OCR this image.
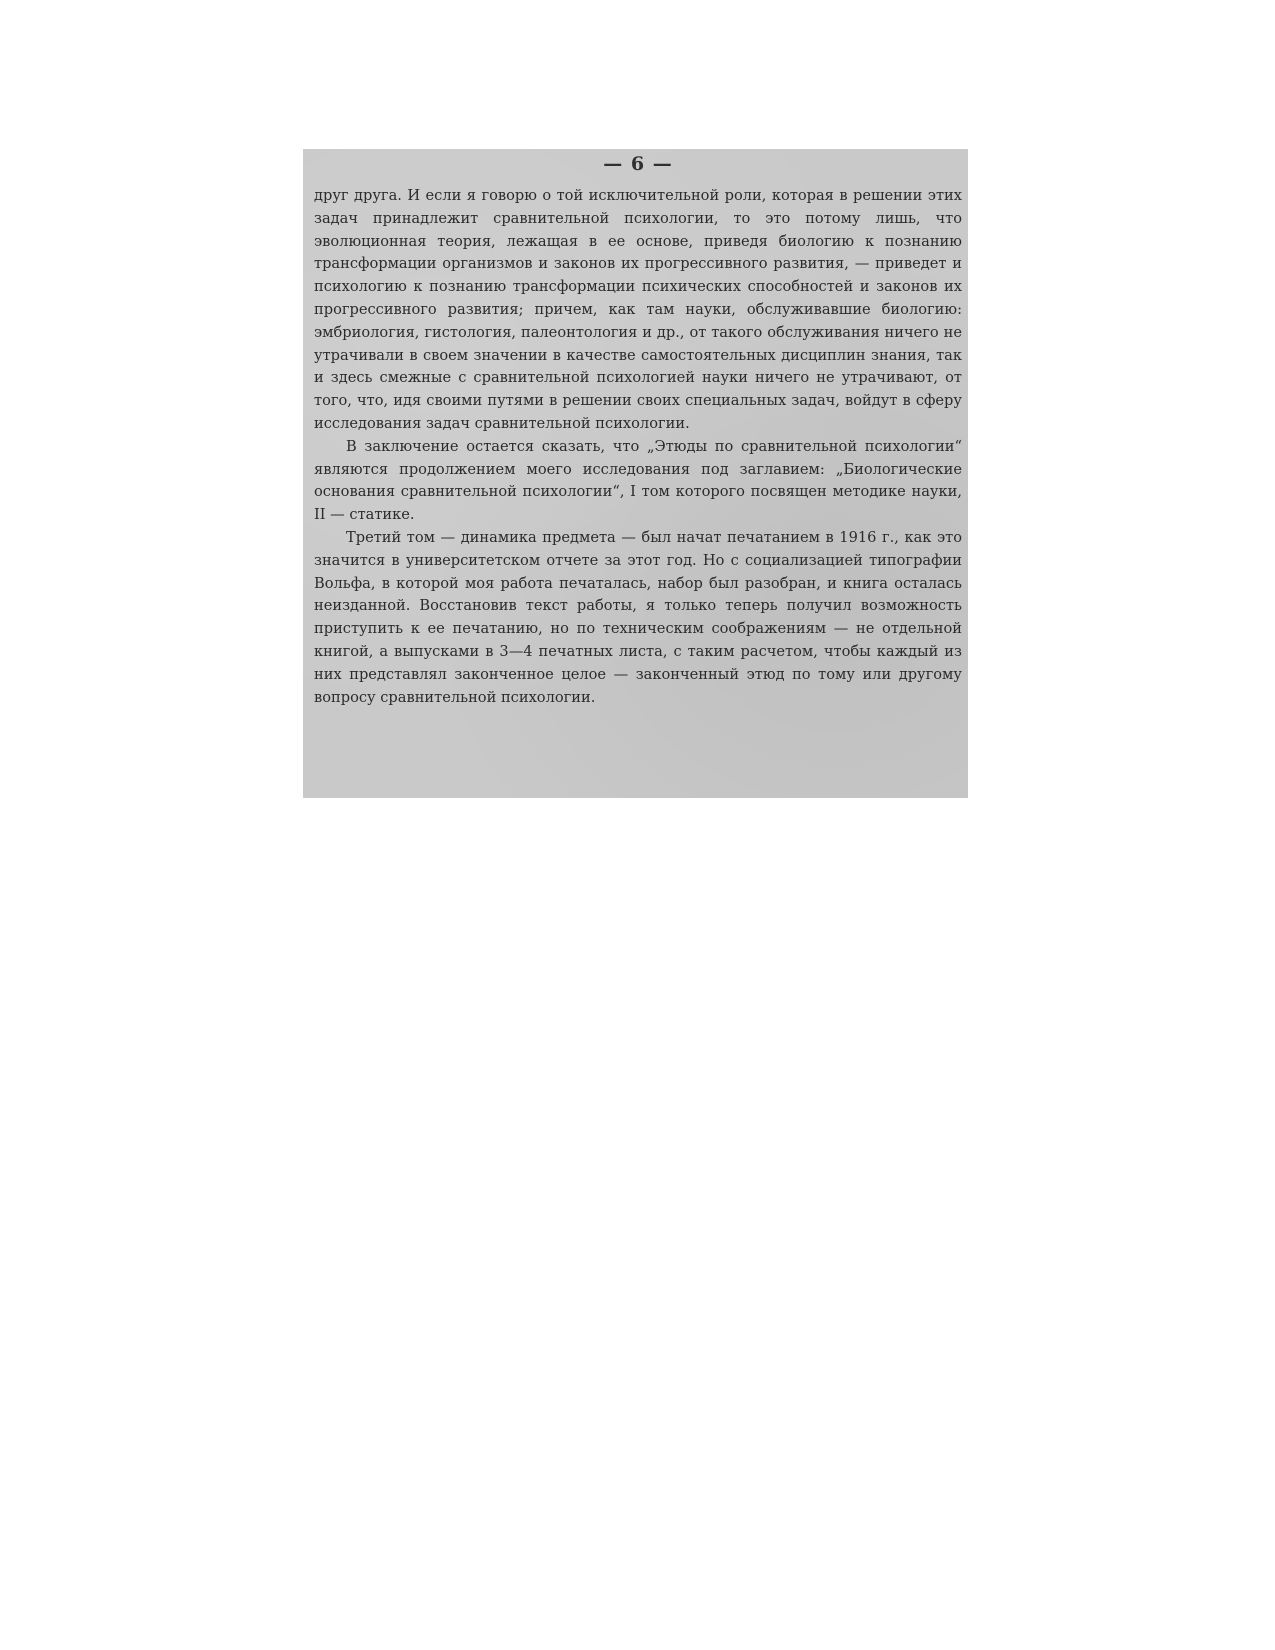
— 6 —

друг друга. И если я говорю о той исключительной роли, которая в решении этих задач принадлежит сравнительной психологии, то это потому лишь, что эволюционная теория, лежащая в ее основе, приведя биологию к познанию трансформации организмов и законов их прогрессивного развития, — приведет и психологию к познанию трансформации психических способностей и законов их прогрессивного развития; причем, как там науки, обслуживавшие биологию: эмбриология, гистология, палеонтология и др., от такого обслуживания ничего не утрачивали в своем значении в качестве самостоятельных дисциплин знания, так и здесь смежные с сравнительной психологией науки ничего не утрачивают, от того, что, идя своими путями в решении своих специальных задач, войдут в сферу исследования задач сравнительной психологии.

В заключение остается сказать, что „Этюды по сравнительной психологии“ являются продолжением моего исследования под заглавием: „Биологические основания сравнительной психологии“, I том которого посвящен методике науки, II — статике.

Третий том — динамика предмета — был начат печатанием в 1916 г., как это значится в университетском отчете за этот год. Но с социализацией типографии Вольфа, в которой моя работа печаталась, набор был разобран, и книга осталась неизданной. Восстановив текст работы, я только теперь получил возможность приступить к ее печатанию, но по техническим соображениям — не отдельной книгой, а выпусками в 3—4 печатных листа, с таким расчетом, чтобы каждый из них представлял законченное целое — законченный этюд по тому или другому вопросу сравнительной психологии.
